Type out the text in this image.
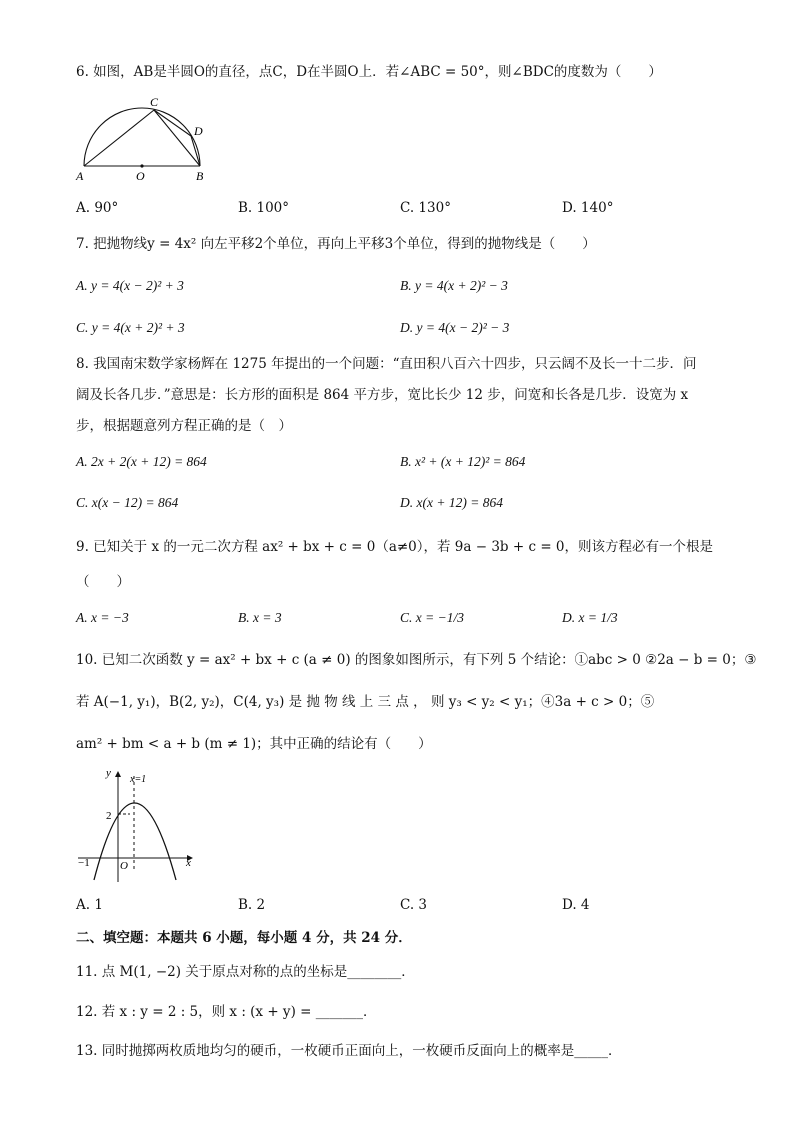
6. 如图，AB是半圆O的直径，点C，D在半圆O上．若∠ABC = 50°，则∠BDC的度数为（　　）
A	O	B
C
D
A. 90°	B. 100°	C. 130°	D. 140°
7. 把抛物线y = 4x² 向左平移2个单位，再向上平移3个单位，得到的抛物线是（　　）
A. y = 4(x − 2)² + 3	B. y = 4(x + 2)² − 3
C. y = 4(x + 2)² + 3	D. y = 4(x − 2)² − 3
8. 我国南宋数学家杨辉在 1275 年提出的一个问题：“直田积八百六十四步，只云阔不及长一十二步．问
阔及长各几步．”意思是：长方形的面积是 864 平方步，宽比长少 12 步，问宽和长各是几步．设宽为 x
步，根据题意列方程正确的是（　）
A. 2x + 2(x + 12) = 864	B. x² + (x + 12)² = 864
C. x(x − 12) = 864	D. x(x + 12) = 864
9. 已知关于 x 的一元二次方程 ax² + bx + c = 0（a≠0），若 9a − 3b + c = 0，则该方程必有一个根是
（　　）
A. x = −3	B. x = 3	C. x = −1/3	D. x = 1/3
10. 已知二次函数 y = ax² + bx + c (a ≠ 0) 的图象如图所示，有下列 5 个结论：①abc > 0 ②2a − b = 0；③
若 A(−1, y₁)，B(2, y₂)，C(4, y₃) 是 抛 物 线 上 三 点 ， 则 y₃ < y₂ < y₁；④3a + c > 0；⑤
am² + bm < a + b (m ≠ 1)；其中正确的结论有（　　）
y
x
x=1
2
−1	O
A. 1	B. 2	C. 3	D. 4
二、填空题：本题共 6 小题，每小题 4 分，共 24 分．
11. 点 M(1, −2) 关于原点对称的点的坐标是________．
12. 若 x : y = 2 : 5，则 x : (x + y) = _______．
13. 同时抛掷两枚质地均匀的硬币，一枚硬币正面向上，一枚硬币反面向上的概率是_____．
